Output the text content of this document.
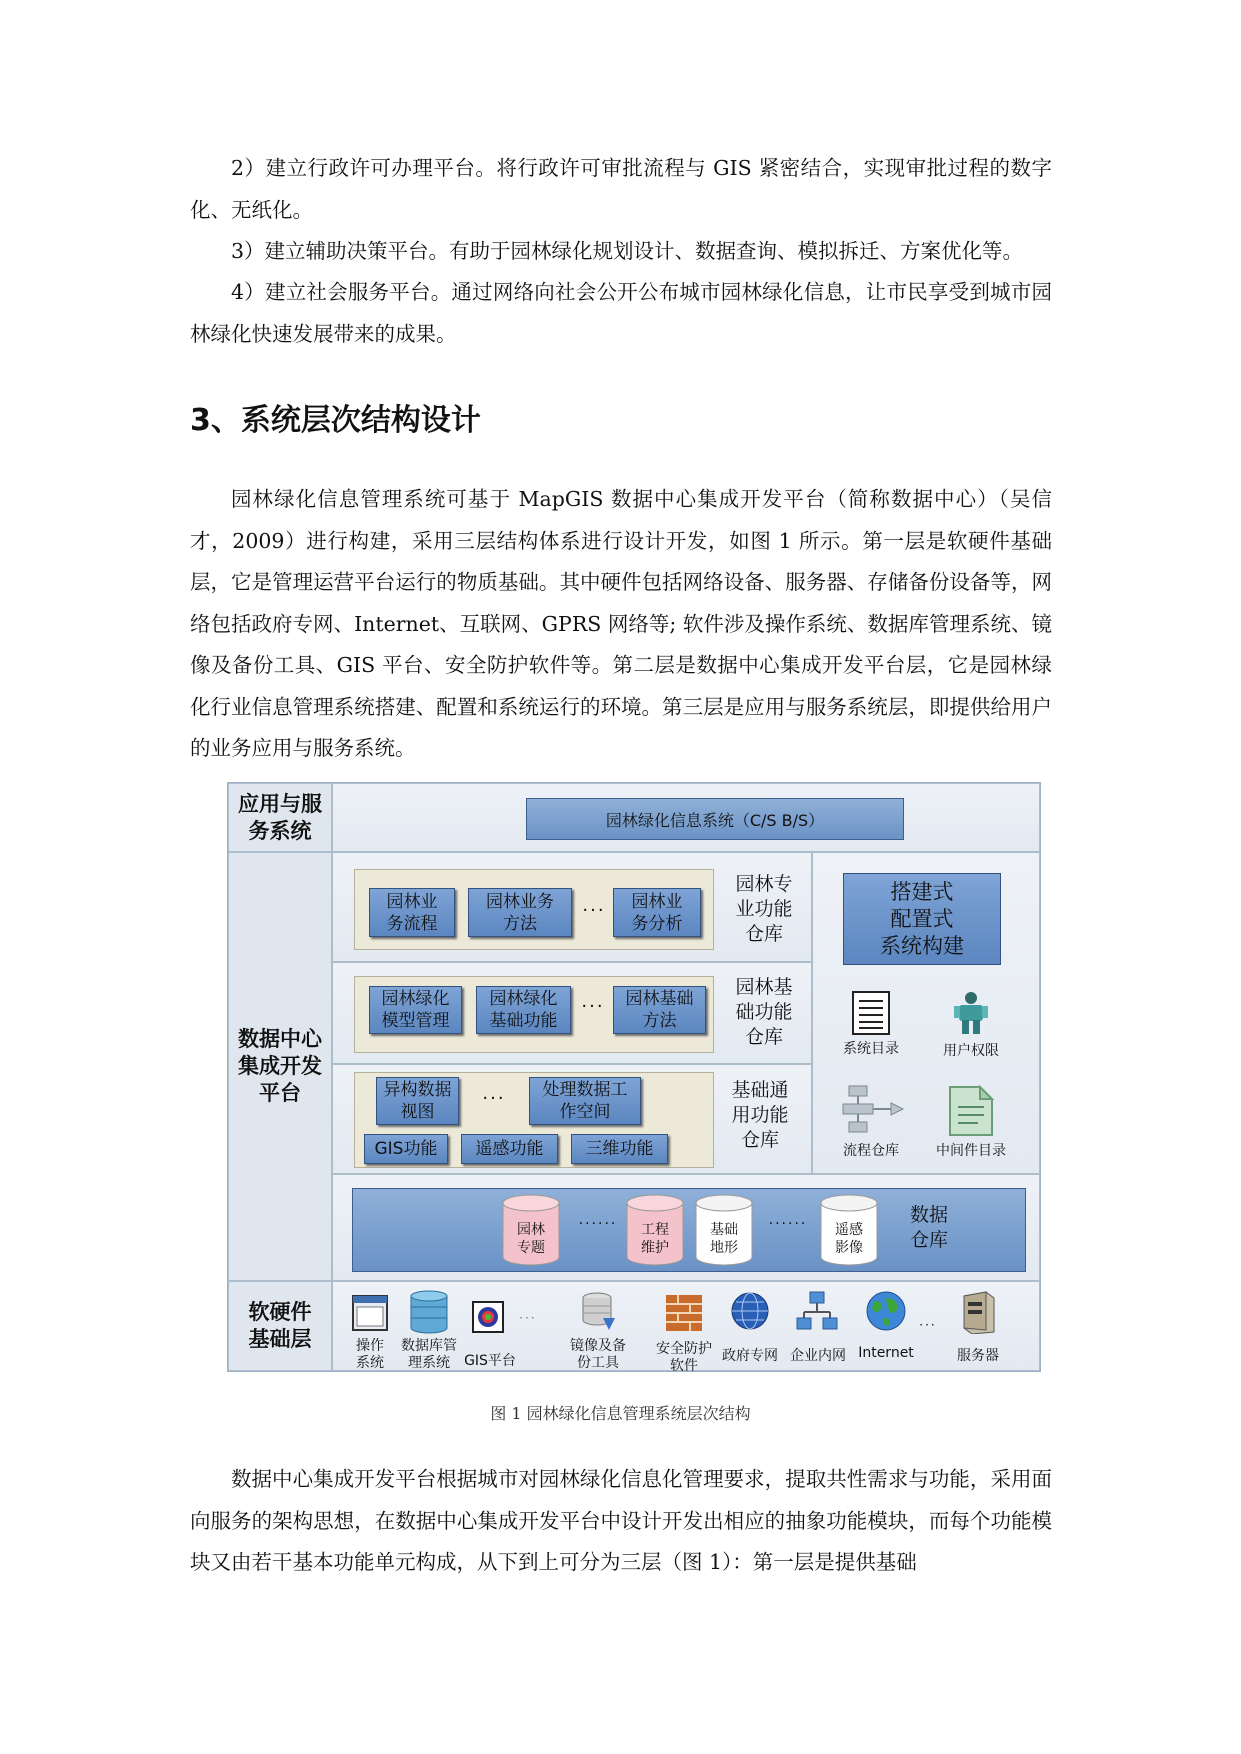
2）建立行政许可办理平台。将行政许可审批流程与 GIS 紧密结合，实现审批过程的数字化、无纸化。

3）建立辅助决策平台。有助于园林绿化规划设计、数据查询、模拟拆迁、方案优化等。

4）建立社会服务平台。通过网络向社会公开公布城市园林绿化信息，让市民享受到城市园林绿化快速发展带来的成果。

3、系统层次结构设计

园林绿化信息管理系统可基于 MapGIS 数据中心集成开发平台（简称数据中心）（吴信才，2009）进行构建，采用三层结构体系进行设计开发，如图 1 所示。第一层是软硬件基础层，它是管理运营平台运行的物质基础。其中硬件包括网络设备、服务器、存储备份设备等，网络包括政府专网、Internet、互联网、GPRS 网络等; 软件涉及操作系统、数据库管理系统、镜像及备份工具、GIS 平台、安全防护软件等。第二层是数据中心集成开发平台层，它是园林绿化行业信息管理系统搭建、配置和系统运行的环境。第三层是应用与服务系统层，即提供给用户的业务应用与服务系统。

应用与服
务系统
数据中心
集成开发
平台
软硬件
基础层
园林绿化信息系统（C/S B/S）
园林业
务流程
园林业务
方法
···	园林业
务分析
园林专
业功能
仓库
园林绿化
模型管理
园林绿化
基础功能
···	园林基础
方法
园林基
础功能
仓库
异构数据
视图
···	处理数据工
作空间
GIS功能	遥感功能	三维功能
基础通
用功能
仓库
搭建式
配置式
系统构建
系统目录	用户权限
流程仓库	中间件目录
园林
专题
......
工程
维护
基础
地形
......
遥感
影像
数据
仓库
操作
系统
数据库管
理系统	GIS平台
···
镜像及备
份工具
安全防护
软件
政府专网 企业内网 Internet
···
服务器
图 1 园林绿化信息管理系统层次结构

数据中心集成开发平台根据城市对园林绿化信息化管理要求，提取共性需求与功能，采用面向服务的架构思想，在数据中心集成开发平台中设计开发出相应的抽象功能模块，而每个功能模块又由若干基本功能单元构成，从下到上可分为三层（图 1）：第一层是提供基础
